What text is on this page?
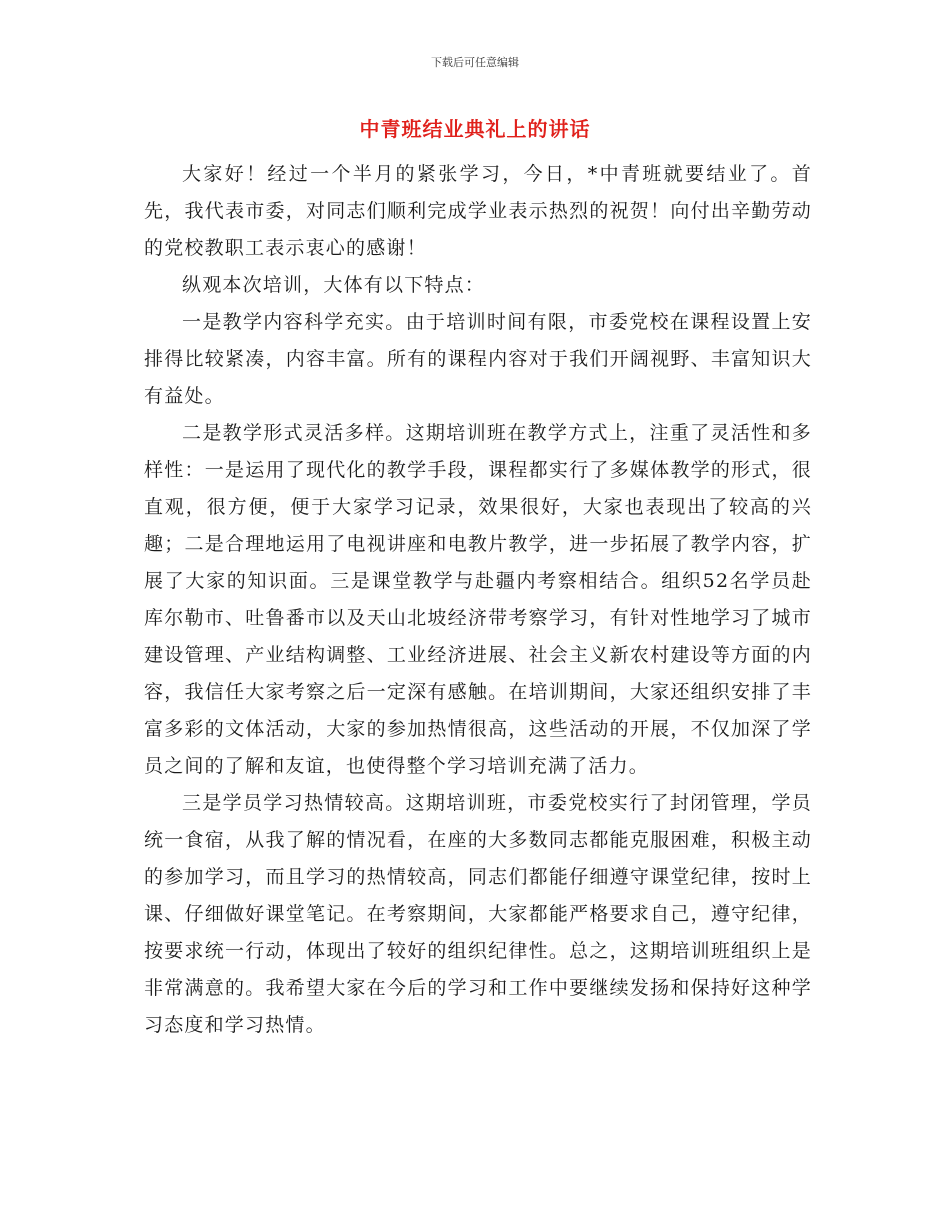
下载后可任意编辑
中青班结业典礼上的讲话

大家好！经过一个半月的紧张学习，今日，*中青班就要结业了。首先，我代表市委，对同志们顺利完成学业表示热烈的祝贺！向付出辛勤劳动的党校教职工表示衷心的感谢！

纵观本次培训，大体有以下特点：

一是教学内容科学充实。由于培训时间有限，市委党校在课程设置上安排得比较紧凑，内容丰富。所有的课程内容对于我们开阔视野、丰富知识大有益处。

二是教学形式灵活多样。这期培训班在教学方式上，注重了灵活性和多样性：一是运用了现代化的教学手段，课程都实行了多媒体教学的形式，很直观，很方便，便于大家学习记录，效果很好，大家也表现出了较高的兴趣；二是合理地运用了电视讲座和电教片教学，进一步拓展了教学内容，扩展了大家的知识面。三是课堂教学与赴疆内考察相结合。组织52名学员赴库尔勒市、吐鲁番市以及天山北坡经济带考察学习，有针对性地学习了城市建设管理、产业结构调整、工业经济进展、社会主义新农村建设等方面的内容，我信任大家考察之后一定深有感触。在培训期间，大家还组织安排了丰富多彩的文体活动，大家的参加热情很高，这些活动的开展，不仅加深了学员之间的了解和友谊，也使得整个学习培训充满了活力。

三是学员学习热情较高。这期培训班，市委党校实行了封闭管理，学员统一食宿，从我了解的情况看，在座的大多数同志都能克服困难，积极主动的参加学习，而且学习的热情较高，同志们都能仔细遵守课堂纪律，按时上课、仔细做好课堂笔记。在考察期间，大家都能严格要求自己，遵守纪律，按要求统一行动，体现出了较好的组织纪律性。总之，这期培训班组织上是非常满意的。我希望大家在今后的学习和工作中要继续发扬和保持好这种学习态度和学习热情。
